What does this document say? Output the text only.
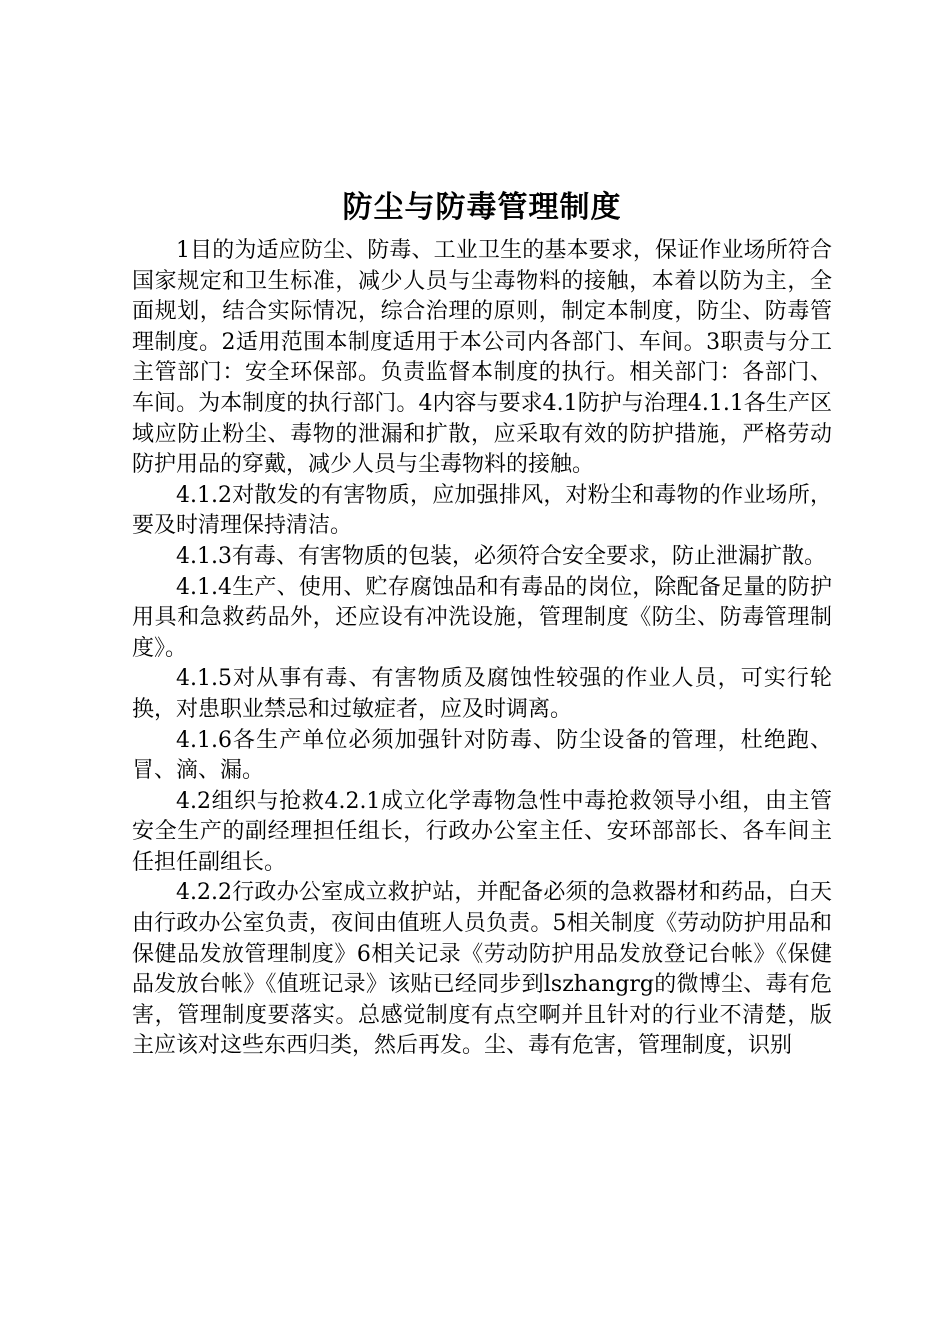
防尘与防毒管理制度

1目的为适应防尘、防毒、工业卫生的基本要求，保证作业场所符合国家规定和卫生标准，减少人员与尘毒物料的接触，本着以防为主，全面规划，结合实际情况，综合治理的原则，制定本制度，防尘、防毒管理制度。2适用范围本制度适用于本公司内各部门、车间。3职责与分工主管部门：安全环保部。负责监督本制度的执行。相关部门：各部门、车间。为本制度的执行部门。4内容与要求4.1防护与治理4.1.1各生产区域应防止粉尘、毒物的泄漏和扩散，应采取有效的防护措施，严格劳动防护用品的穿戴，减少人员与尘毒物料的接触。

4.1.2对散发的有害物质，应加强排风，对粉尘和毒物的作业场所，要及时清理保持清洁。

4.1.3有毒、有害物质的包装，必须符合安全要求，防止泄漏扩散。

4.1.4生产、使用、贮存腐蚀品和有毒品的岗位，除配备足量的防护用具和急救药品外，还应设有冲洗设施，管理制度《防尘、防毒管理制度》。

4.1.5对从事有毒、有害物质及腐蚀性较强的作业人员，可实行轮换，对患职业禁忌和过敏症者，应及时调离。

4.1.6各生产单位必须加强针对防毒、防尘设备的管理，杜绝跑、冒、滴、漏。

4.2组织与抢救4.2.1成立化学毒物急性中毒抢救领导小组，由主管安全生产的副经理担任组长，行政办公室主任、安环部部长、各车间主任担任副组长。

4.2.2行政办公室成立救护站，并配备必须的急救器材和药品，白天由行政办公室负责，夜间由值班人员负责。5相关制度《劳动防护用品和保健品发放管理制度》6相关记录《劳动防护用品发放登记台帐》《保健品发放台帐》《值班记录》该贴已经同步到lszhangrg的微博尘、毒有危害，管理制度要落实。总感觉制度有点空啊并且针对的行业不清楚，版主应该对这些东西归类，然后再发。尘、毒有危害，管理制度，识别
